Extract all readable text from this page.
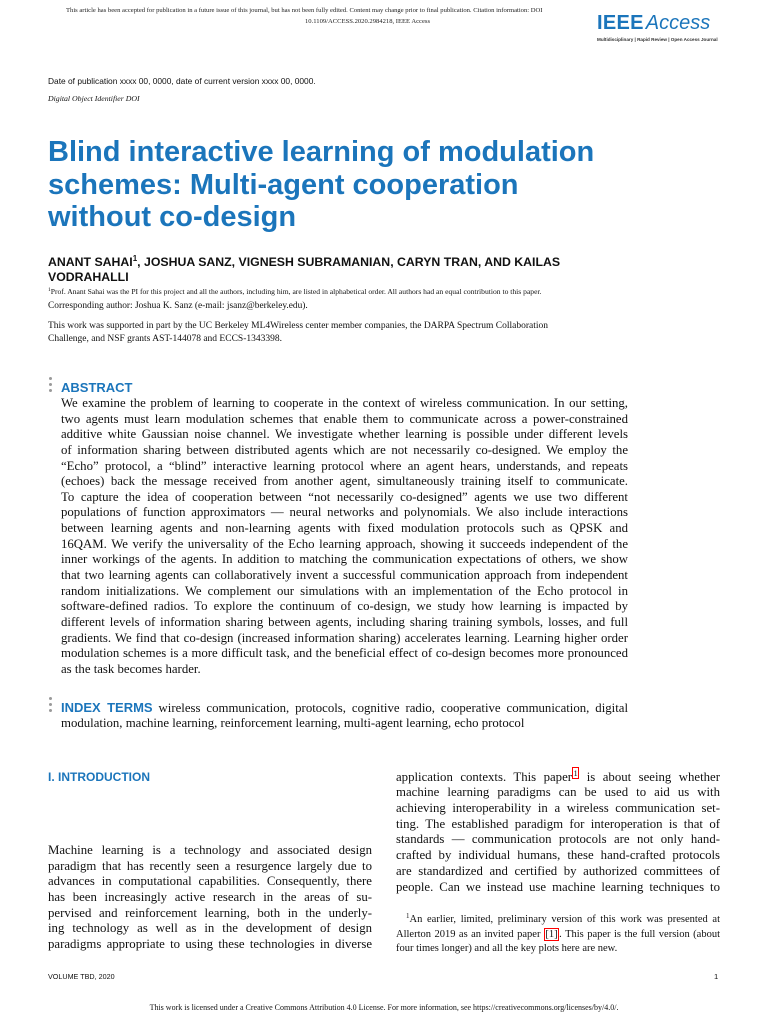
This article has been accepted for publication in a future issue of this journal, but has not been fully edited. Content may change prior to final publication. Citation information: DOI
10.1109/ACCESS.2020.2984218, IEEE Access	IEEE Access
Multidisciplinary | Rapid Review | Open Access Journal
Date of publication xxxx 00, 0000, date of current version xxxx 00, 0000.
Digital Object Identifier DOI
Blind interactive learning of modulation
schemes: Multi-agent cooperation
without co-design
ANANT SAHAI$^1$, JOSHUA SANZ, VIGNESH SUBRAMANIAN, CARYN TRAN, AND KAILAS
VODRAHALLI
$^1$Prof. Anant Sahai was the PI for this project and all the authors, including him, are listed in alphabetical order. All authors had an equal contribution to this paper.
Corresponding author: Joshua K. Sanz (e-mail: jsanz@berkeley.edu).
This work was supported in part by the UC Berkeley ML4Wireless center member companies, the DARPA Spectrum Collaboration
Challenge, and NSF grants AST-144078 and ECCS-1343398.
ABSTRACT
We examine the problem of learning to cooperate in the context of wireless communication. In our setting,
two agents must learn modulation schemes that enable them to communicate across a power-constrained
additive white Gaussian noise channel. We investigate whether learning is possible under different levels
of information sharing between distributed agents which are not necessarily co-designed. We employ the
“Echo” protocol, a “blind” interactive learning protocol where an agent hears, understands, and repeats
(echoes) back the message received from another agent, simultaneously training itself to communicate.
To capture the idea of cooperation between “not necessarily co-designed” agents we use two different
populations of function approximators — neural networks and polynomials. We also include interactions
between learning agents and non-learning agents with fixed modulation protocols such as QPSK and
16QAM. We verify the universality of the Echo learning approach, showing it succeeds independent of the
inner workings of the agents. In addition to matching the communication expectations of others, we show
that two learning agents can collaboratively invent a successful communication approach from independent
random initializations. We complement our simulations with an implementation of the Echo protocol in
software-defined radios. To explore the continuum of co-design, we study how learning is impacted by
different levels of information sharing between agents, including sharing training symbols, losses, and full
gradients. We find that co-design (increased information sharing) accelerates learning. Learning higher order
modulation schemes is a more difficult task, and the beneficial effect of co-design becomes more pronounced
as the task becomes harder.
INDEX TERMS wireless communication, protocols, cognitive radio, cooperative communication, digital
modulation, machine learning, reinforcement learning, multi-agent learning, echo protocol
I. INTRODUCTION
Machine learning is a technology and associated design
paradigm that has recently seen a resurgence largely due to
advances in computational capabilities. Consequently, there
has been increasingly active research in the areas of su-
pervised and reinforcement learning, both in the underly-
ing technology as well as in the development of design
paradigms appropriate to using these technologies in diverse
application contexts. This paper $^1$ is about seeing whether
machine learning paradigms can be used to aid us with
achieving interoperability in a wireless communication set-
ting. The established paradigm for interoperation is that of
standards — communication protocols are not only hand-
crafted by individual humans, these hand-crafted protocols
are standardized and certified by authorized committees of
people. Can we instead use machine learning techniques to
$^1$An earlier, limited, preliminary version of this work was presented at
Allerton 2019 as an invited paper [1] . This paper is the full version (about
four times longer) and all the key plots here are new.
VOLUME TBD, 2020	1
This work is licensed under a Creative Commons Attribution 4.0 License. For more information, see https://creativecommons.org/licenses/by/4.0/.
